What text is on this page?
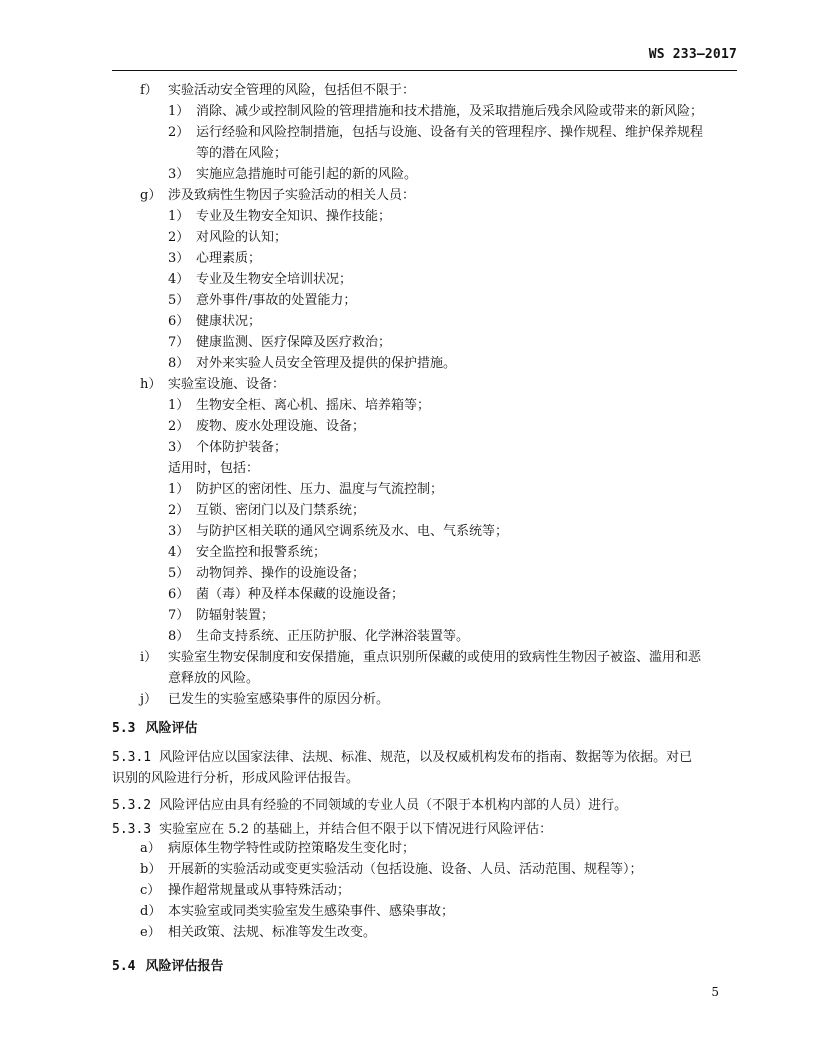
WS 233—2017
f） 实验活动安全管理的风险，包括但不限于：
1） 消除、减少或控制风险的管理措施和技术措施，及采取措施后残余风险或带来的新风险；
2） 运行经验和风险控制措施，包括与设施、设备有关的管理程序、操作规程、维护保养规程
等的潜在风险；
3） 实施应急措施时可能引起的新的风险。
g） 涉及致病性生物因子实验活动的相关人员：
1） 专业及生物安全知识、操作技能；
2） 对风险的认知；
3） 心理素质；
4） 专业及生物安全培训状况；
5） 意外事件/事故的处置能力；
6） 健康状况；
7） 健康监测、医疗保障及医疗救治；
8） 对外来实验人员安全管理及提供的保护措施。
h） 实验室设施、设备：
1） 生物安全柜、离心机、摇床、培养箱等；
2） 废物、废水处理设施、设备；
3） 个体防护装备；
适用时，包括：
1） 防护区的密闭性、压力、温度与气流控制；
2） 互锁、密闭门以及门禁系统；
3） 与防护区相关联的通风空调系统及水、电、气系统等；
4） 安全监控和报警系统；
5） 动物饲养、操作的设施设备；
6） 菌（毒）种及样本保藏的设施设备；
7） 防辐射装置；
8） 生命支持系统、正压防护服、化学淋浴装置等。
i） 实验室生物安保制度和安保措施，重点识别所保藏的或使用的致病性生物因子被盗、滥用和恶
意释放的风险。
j） 已发生的实验室感染事件的原因分析。
5.3 风险评估
5.3.1 风险评估应以国家法律、法规、标准、规范，以及权威机构发布的指南、数据等为依据。对已
识别的风险进行分析，形成风险评估报告。
5.3.2 风险评估应由具有经验的不同领域的专业人员（不限于本机构内部的人员）进行。
5.3.3 实验室应在 5.2 的基础上，并结合但不限于以下情况进行风险评估：
a） 病原体生物学特性或防控策略发生变化时；
b） 开展新的实验活动或变更实验活动（包括设施、设备、人员、活动范围、规程等）；
c） 操作超常规量或从事特殊活动；
d） 本实验室或同类实验室发生感染事件、感染事故；
e） 相关政策、法规、标准等发生改变。
5.4 风险评估报告
5
